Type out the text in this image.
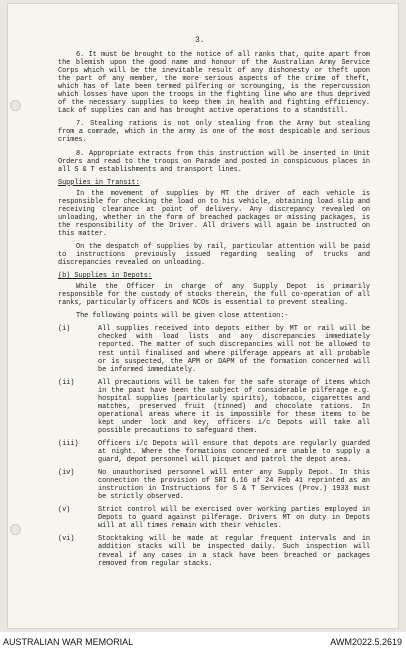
3.

6. It must be brought to the notice of all ranks that, quite apart from the blemish upon the good name and honour of the Australian Army Service Corps which will be the inevitable result of any dishonesty or theft upon the part of any member, the more serious aspects of the crime of theft, which has of late been termed pilfering or scrounging, is the repercussion which losses have upon the troops in the fighting line who are thus deprived of the necessary supplies to keep them in health and fighting efficiency. Lack of supplies can and has brought active operations to a standstill.

7. Stealing rations is not only stealing from the Army but stealing from a comrade, which in the army is one of the most despicable and serious crimes.

8. Appropriate extracts from this instruction will be inserted in Unit Orders and read to the troops on Parade and posted in conspicuous places in all S & T establishments and transport lines.

Supplies in Transit:

In the movement of supplies by MT the driver of each vehicle is responsible for checking the load on to his vehicle, obtaining load slip and receiving clearance at point of delivery. Any discrepancy revealed on unloading, whether in the form of breached packages or missing packages, is the responsibility of the Driver. All drivers will again be instructed on this matter.

On the despatch of supplies by rail, particular attention will be paid to instructions previously issued regarding sealing of trucks and discrepancies revealed on unloading.

(b) Supplies in Depots:

While the Officer in charge of any Supply Depot is primarily responsible for the custody of stocks therein, the full co-operation of all ranks, particularly officers and NCOs is essential to prevent stealing.

The following points will be given close attention:-

(i)	All supplies received into depots either by MT or rail will be checked with load lists and any discrepancies immediately reported. The matter of such discrepancies will not be allowed to rest until finalised and where pilferage appears at all probable or is suspected, the APM or DAPM of the formation concerned will be informed immediately.
(ii)	All precautions will be taken for the safe storage of items which in the past have been the subject of considerable pilferage e.g. hospital supplies (particularly spirits), tobacco, cigarettes and matches, preserved fruit (tinned) and chocolate rations. In operational areas where it is impossible for these items to be kept under lock and key, officers i/c Depots will take all possible precautions to safeguard them.
(iii)	Officers i/c Depots will ensure that depots are regularly guarded at night. Where the formations concerned are unable to supply a guard, depot personnel will picquet and patrol the depot area.
(iv)	No unauthorised personnel will enter any Supply Depot. In this connection the provision of SRI 6.16 of 24 Feb 41 reprinted as an instruction in Instructions for S & T Services (Prov.) 1933 must be strictly observed.
(v)	Strict control will be exercised over working parties employed in Depots to guard against pilferage. Drivers MT on duty in Depots will at all times remain with their vehicles.
(vi)	Stocktaking will be made at regular frequent intervals and in addition stacks will be inspected daily. Such inspection will reveal if any cases in a stack have been breached or packages removed from regular stacks.
AUSTRALIAN WAR MEMORIAL	AWM2022.5.2619
